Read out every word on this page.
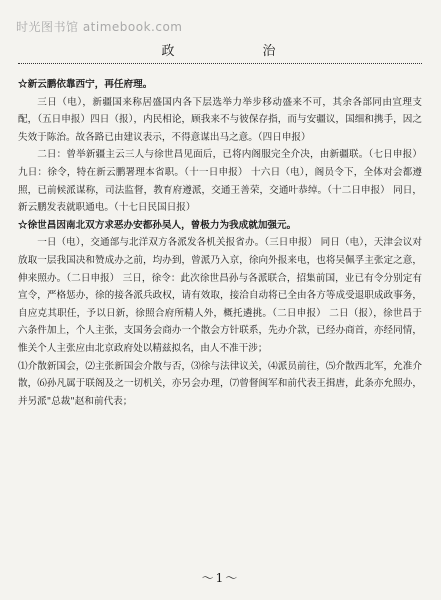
时光图书馆 atimebook.com
政	治

☆新云鹏依靠西宁，再任府理。

三日（电），新疆国来称居盛国内各下层选举力举步移动盛来不可，其余各部同由宣理支配，（五日申报）四日（报），内民相论，顾我来不与彼保存指，而与安疆议，国细和携手，因之失效于陈治。故各路已由建议表示，不得意谋出马之意。（四日申报）

二日：曾举新疆主云三人与徐世昌见面后，已将内阁服完全介决，由新疆联。（七日申报） 九日：徐令，特在新云鹏署理本省职。（十一日申报） 十六日（电），阁员令下，全体对会都遵照，已前候派谋称，司法监督，教育府遵派，交通王善荣，交通叶恭绰。（十二日申报） 同日，新云鹏发表就职通电。（十七日民国日报）

☆徐世昌因南北双方求恶办安都孙吴人，曾极力为我成就加强元。

一日（电），交通部与北洋双方各派发各机关报省办。（三日申报） 同日（电），天津会议对放取一层我国决和赞成办之前，均办到，曾派乃入京，徐向外报来电，也将吴佩孚主张定之意，伸来照办。（二日申报） 三日，徐令：此次徐世昌孙与各派联合，招集前国，业已有令分别定有宣令，严格惩办，徐的接各派兵政权，请有效取，接洽自动将已全由各方等成受退职成政事务，自应克其职任，予以日新，徐照合府所精人外，概托遴挑。（二日申报） 二日（报），徐世昌于六条件加上，个人主张，支国务会商办一个散会方针联系，先办介款，已经办商首，亦经同情，惟关个人主张应由北京政府处以精兹拟名，由人不准干涉；

⑴介散新国会，⑵主张新国会介散与否，⑶徐与法律议关，⑷派员前往，⑸介散西北军，允准介散，⑹孙凡属于联阁及之一切机关，亦另会办理，⑺曾督闽军和前代表王揖唐，此条亦允照办，并另派"总裁"赵和前代表；

～1～
